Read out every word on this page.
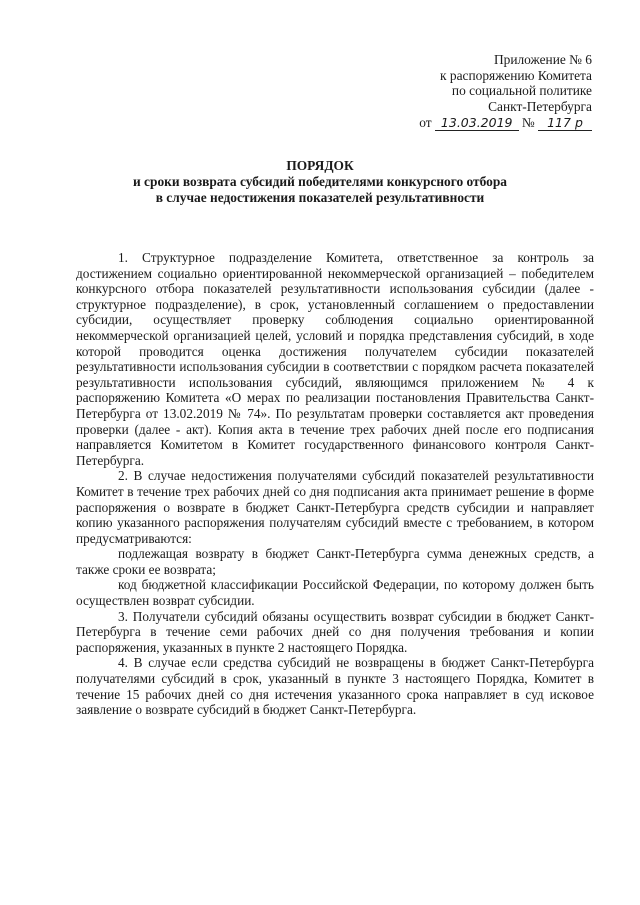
Приложение № 6
к распоряжению Комитета
по социальной политике
Санкт-Петербурга
от 13.03.2019 № 117 р
ПОРЯДОК
и сроки возврата субсидий победителями конкурсного отбора
в случае недостижения показателей результативности

1. Структурное подразделение Комитета, ответственное за контроль за достижением социально ориентированной некоммерческой организацией – победителем конкурсного отбора показателей результативности использования субсидии (далее - структурное подразделение), в срок, установленный соглашением о предоставлении субсидии, осуществляет проверку соблюдения социально ориентированной некоммерческой организацией целей, условий и порядка представления субсидий, в ходе которой проводится оценка достижения получателем субсидии показателей результативности использования субсидии в соответствии с порядком расчета показателей результативности использования субсидий, являющимся приложением № 4 к распоряжению Комитета «О мерах по реализации постановления Правительства Санкт-Петербурга от 13.02.2019 № 74». По результатам проверки составляется акт проведения проверки (далее - акт). Копия акта в течение трех рабочих дней после его подписания направляется Комитетом в Комитет государственного финансового контроля Санкт-Петербурга.

2. В случае недостижения получателями субсидий показателей результативности Комитет в течение трех рабочих дней со дня подписания акта принимает решение в форме распоряжения о возврате в бюджет Санкт-Петербурга средств субсидии и направляет копию указанного распоряжения получателям субсидий вместе с требованием, в котором предусматриваются:

подлежащая возврату в бюджет Санкт-Петербурга сумма денежных средств, а также сроки ее возврата;

код бюджетной классификации Российской Федерации, по которому должен быть осуществлен возврат субсидии.

3. Получатели субсидий обязаны осуществить возврат субсидии в бюджет Санкт-Петербурга в течение семи рабочих дней со дня получения требования и копии распоряжения, указанных в пункте 2 настоящего Порядка.

4. В случае если средства субсидий не возвращены в бюджет Санкт-Петербурга получателями субсидий в срок, указанный в пункте 3 настоящего Порядка, Комитет в течение 15 рабочих дней со дня истечения указанного срока направляет в суд исковое заявление о возврате субсидий в бюджет Санкт-Петербурга.
